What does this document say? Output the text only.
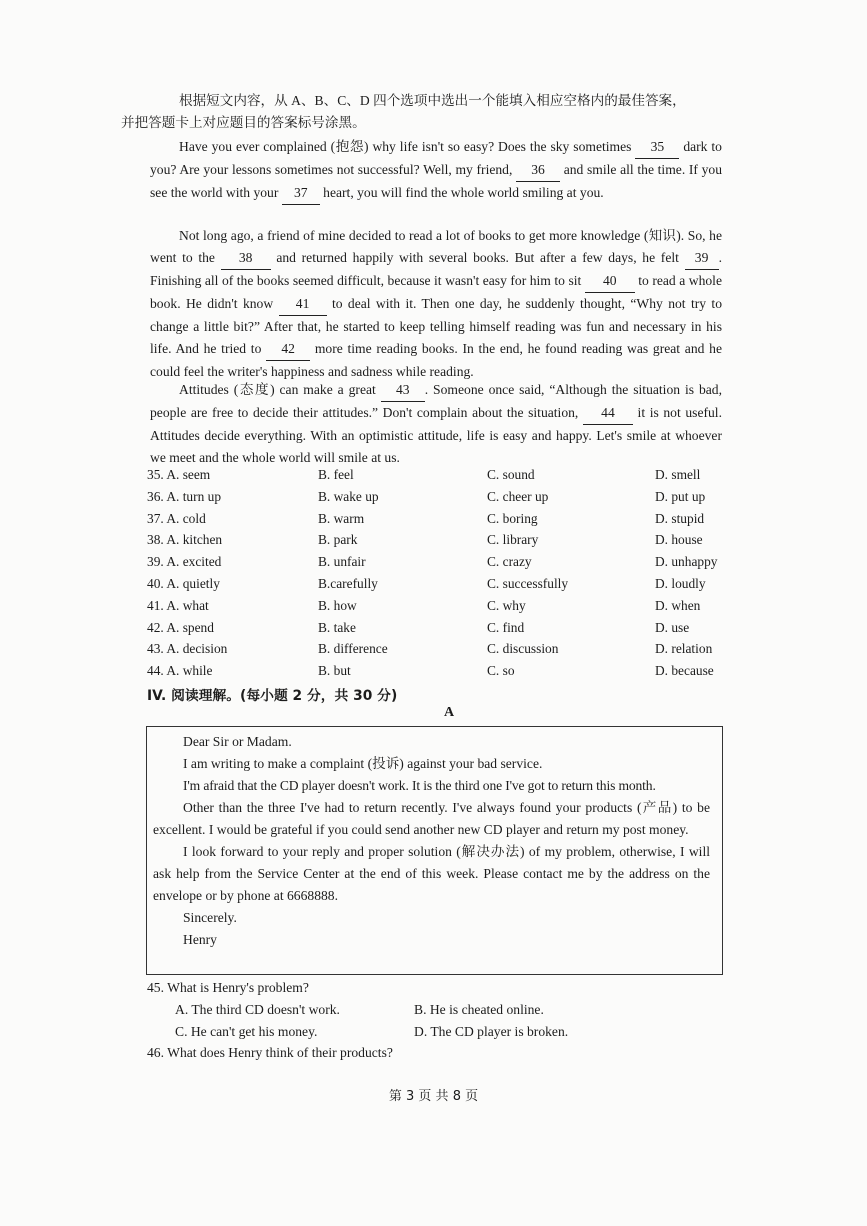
根据短文内容，从 A、B、C、D 四个选项中选出一个能填入相应空格内的最佳答案，
并把答题卡上对应题目的答案标号涂黑。
Have you ever complained (抱怨) why life isn't so easy? Does the sky sometimes 35 dark to you? Are your lessons sometimes not successful? Well, my friend, 36 and smile all the time. If you see the world with your 37 heart, you will find the whole world smiling at you.
Not long ago, a friend of mine decided to read a lot of books to get more knowledge (知识). So, he went to the 38 and returned happily with several books. But after a few days, he felt 39 . Finishing all of the books seemed difficult, because it wasn't easy for him to sit 40 to read a whole book. He didn't know 41 to deal with it. Then one day, he suddenly thought, “Why not try to change a little bit?” After that, he started to keep telling himself reading was fun and necessary in his life. And he tried to 42 more time reading books. In the end, he found reading was great and he could feel the writer's happiness and sadness while reading.
Attitudes (态度) can make a great 43 . Someone once said, “Although the situation is bad, people are free to decide their attitudes.” Don't complain about the situation, 44 it is not useful. Attitudes decide everything. With an optimistic attitude, life is easy and happy. Let's smile at whoever we meet and the whole world will smile at us.
35. A. seem	B. feel	C. sound	D. smell
36. A. turn up	B. wake up	C. cheer up	D. put up
37. A. cold	B. warm	C. boring	D. stupid
38. A. kitchen	B. park	C. library	D. house
39. A. excited	B. unfair	C. crazy	D. unhappy
40. A. quietly	B.carefully	C. successfully	D. loudly
41. A. what	B. how	C. why	D. when
42. A. spend	B. take	C. find	D. use
43. A. decision	B. difference	C. discussion	D. relation
44. A. while	B. but	C. so	D. because
IV. 阅读理解。(每小题 2 分，共 30 分)
A
Dear Sir or Madam.
I am writing to make a complaint (投诉) against your bad service.
I'm afraid that the CD player doesn't work. It is the third one I've got to return this month.
Other than the three I've had to return recently. I've always found your products (产品) to be excellent. I would be grateful if you could send another new CD player and return my post money.
I look forward to your reply and proper solution (解决办法) of my problem, otherwise, I will ask help from the Service Center at the end of this week. Please contact me by the address on the envelope or by phone at 6668888.
Sincerely.
Henry
45. What is Henry's problem?
A. The third CD doesn't work.	B. He is cheated online.
C. He can't get his money.	D. The CD player is broken.
46. What does Henry think of their products?
第 3 页 共 8 页
